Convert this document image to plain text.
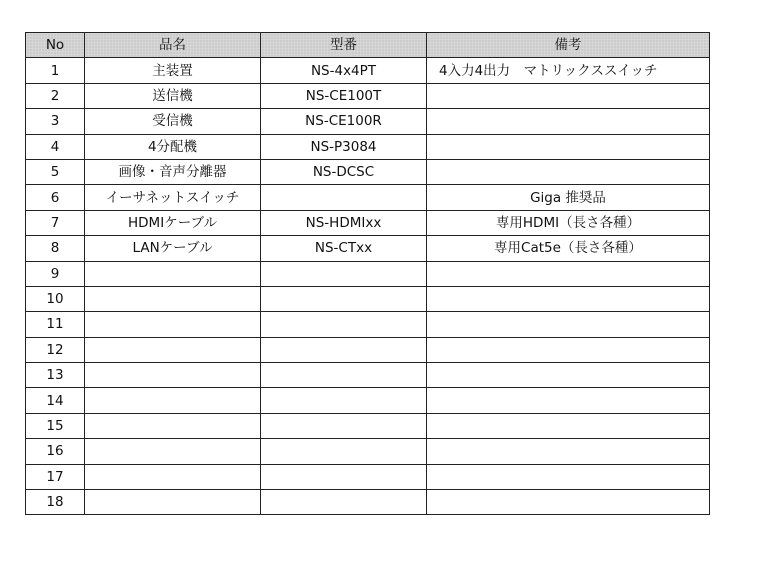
No	品名	型番	備考
1	主装置	NS-4x4PT	4入力4出力　マトリックススイッチ
2	送信機	NS-CE100T	
3	受信機	NS-CE100R	
4	4分配機	NS-P3084	
5	画像・音声分離器	NS-DCSC	
6	イーサネットスイッチ		Giga 推奨品
7	HDMIケーブル	NS-HDMIxx	専用HDMI（長さ各種）
8	LANケーブル	NS-CTxx	専用Cat5e（長さ各種）
9			
10			
11			
12			
13			
14			
15			
16			
17			
18			
